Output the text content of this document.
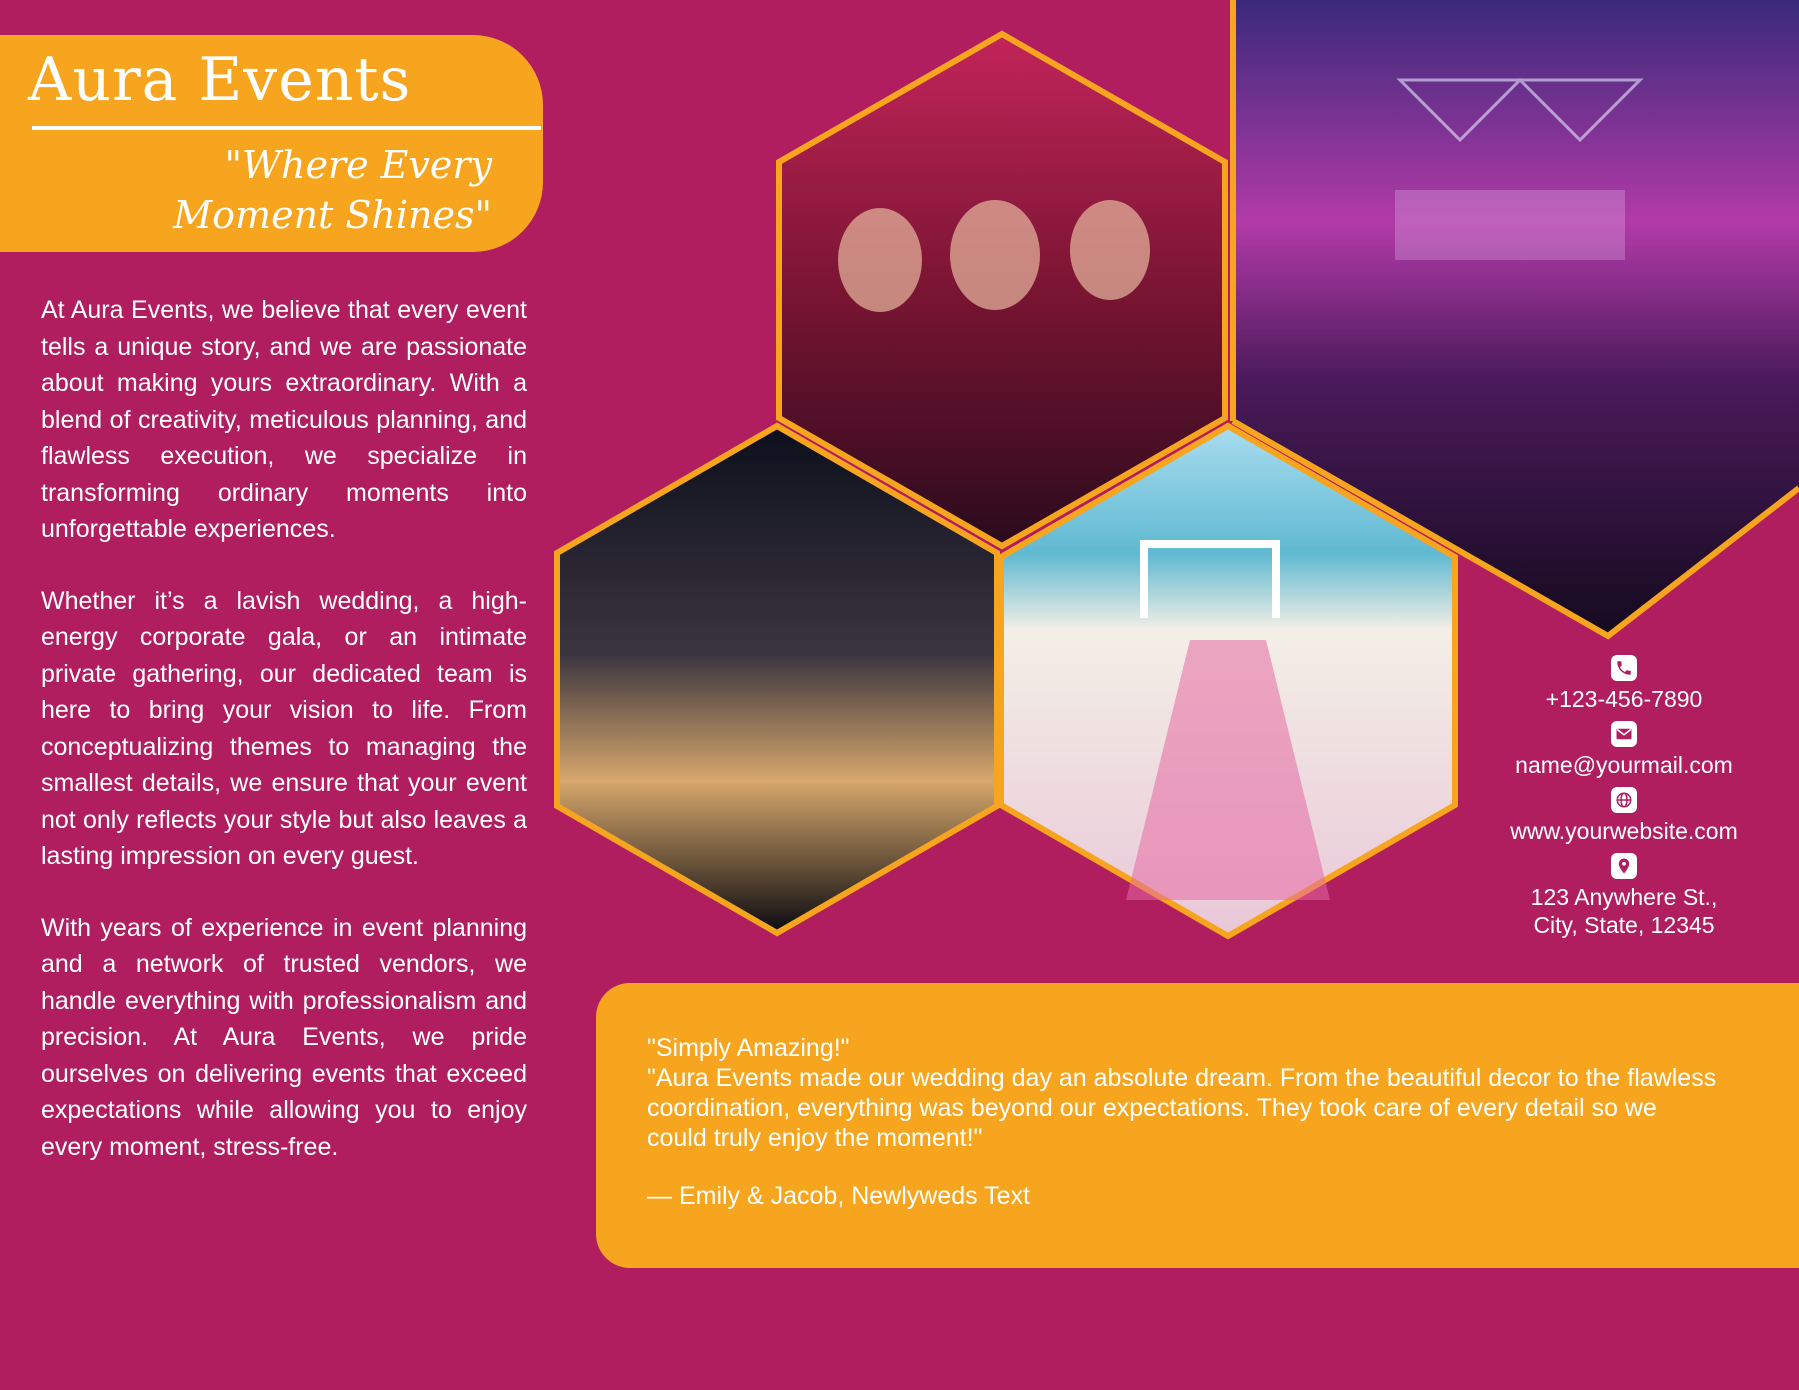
Aura Events
"Where Every Moment Shines"

At Aura Events, we believe that every event tells a unique story, and we are passionate about making yours extraordinary. With a blend of creativity, meticulous planning, and flawless execution, we specialize in transforming ordinary moments into unforgettable experiences.

Whether it’s a lavish wedding, a high-energy corporate gala, or an intimate private gathering, our dedicated team is here to bring your vision to life. From conceptualizing themes to managing the smallest details, we ensure that your event not only reflects your style but also leaves a lasting impression on every guest.

With years of experience in event planning and a network of trusted vendors, we handle everything with professionalism and precision. At Aura Events, we pride ourselves on delivering events that exceed expectations while allowing you to enjoy every moment, stress-free.

+123-456-7890
name@yourmail.com
www.yourwebsite.com
123 Anywhere St.,
City, State, 12345
"Simply Amazing!"
"Aura Events made our wedding day an absolute dream. From the beautiful decor to the flawless coordination, everything was beyond our expectations. They took care of every detail so we could truly enjoy the moment!"
— Emily & Jacob, Newlyweds Text
